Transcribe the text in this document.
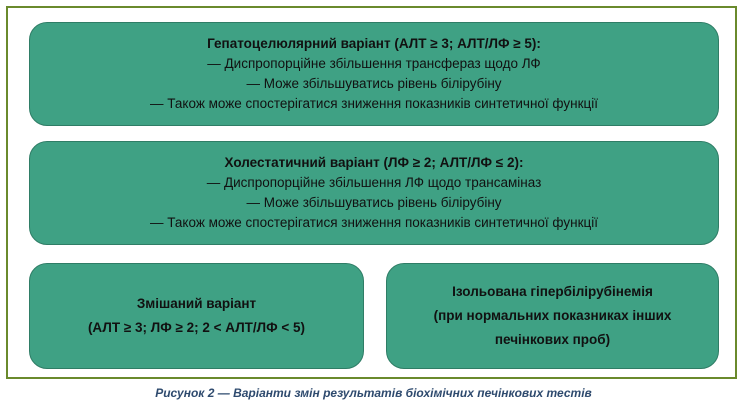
Гепатоцелюлярний варіант (АЛТ ≥ 3; АЛТ/ЛФ ≥ 5):
— Диспропорційне збільшення трансфераз щодо ЛФ
— Може збільшуватись рівень білірубіну
— Також може спостерігатися зниження показників синтетичної функції
Холестатичний варіант (ЛФ ≥ 2; АЛТ/ЛФ ≤ 2):
— Диспропорційне збільшення ЛФ щодо трансаміназ
— Може збільшуватись рівень білірубіну
— Також може спостерігатися зниження показників синтетичної функції
Змішаний варіант
(АЛТ ≥ 3; ЛФ ≥ 2; 2 < АЛТ/ЛФ < 5)
Ізольована гіпербілірубінемія
(при нормальних показниках інших
печінкових проб)
Рисунок 2 — Варіанти змін результатів біохімічних печінкових тестів
